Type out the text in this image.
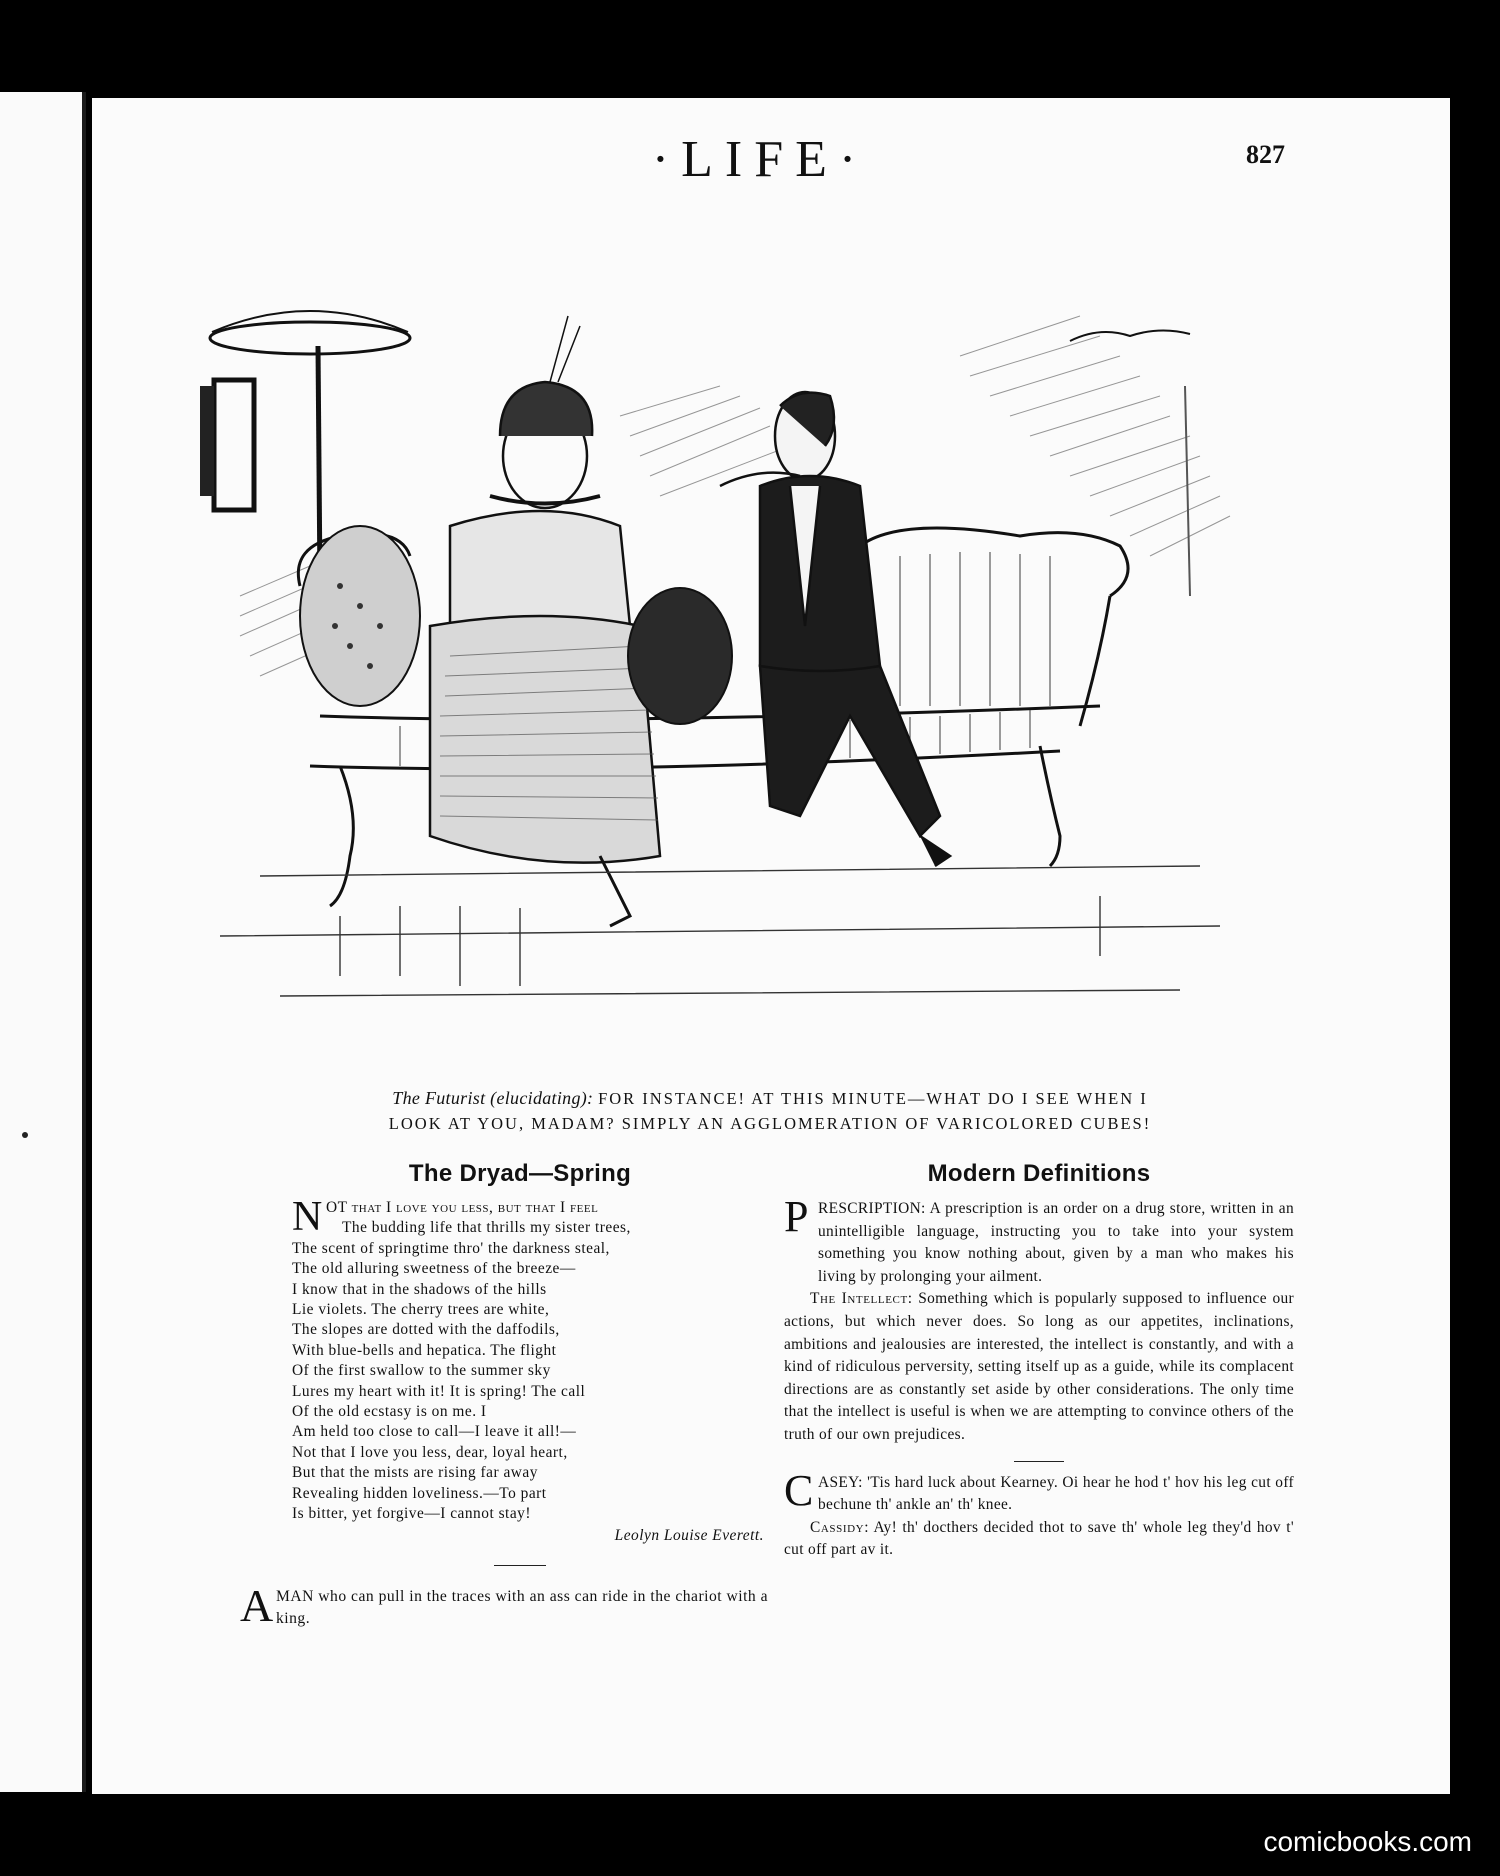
·LIFE·	827
The Futurist (elucidating): FOR INSTANCE! AT THIS MINUTE—WHAT DO I SEE WHEN I
LOOK AT YOU, MADAM? SIMPLY AN AGGLOMERATION OF VARICOLORED CUBES!
The Dryad—Spring
N OT that I love you less, but that I feel
The budding life that thrills my sister trees,
The scent of springtime thro' the darkness steal,
The old alluring sweetness of the breeze—
I know that in the shadows of the hills
Lie violets. The cherry trees are white,
The slopes are dotted with the daffodils,
With blue-bells and hepatica. The flight
Of the first swallow to the summer sky
Lures my heart with it! It is spring! The call
Of the old ecstasy is on me. I
Am held too close to call—I leave it all!—
Not that I love you less, dear, loyal heart,
But that the mists are rising far away
Revealing hidden loveliness.—To part
Is bitter, yet forgive—I cannot stay!
Leolyn Louise Everett.
A MAN who can pull in the traces with an ass can ride in the chariot with a king.
Modern Definitions
P RESCRIPTION: A prescription is an order on a drug store, written in an unintelligible language, instructing you to take into your system something you know nothing about, given by a man who makes his living by prolonging your ailment.
The Intellect: Something which is popularly supposed to influence our actions, but which never does. So long as our appetites, inclinations, ambitions and jealousies are interested, the intellect is constantly, and with a kind of ridiculous perversity, setting itself up as a guide, while its complacent directions are as constantly set aside by other considerations. The only time that the intellect is useful is when we are attempting to convince others of the truth of our own prejudices.
C ASEY: 'Tis hard luck about Kearney. Oi hear he hod t' hov his leg cut off bechune th' ankle an' th' knee.
Cassidy: Ay! th' docthers decided thot to save th' whole leg they'd hov t' cut off part av it.
comicbooks.com
